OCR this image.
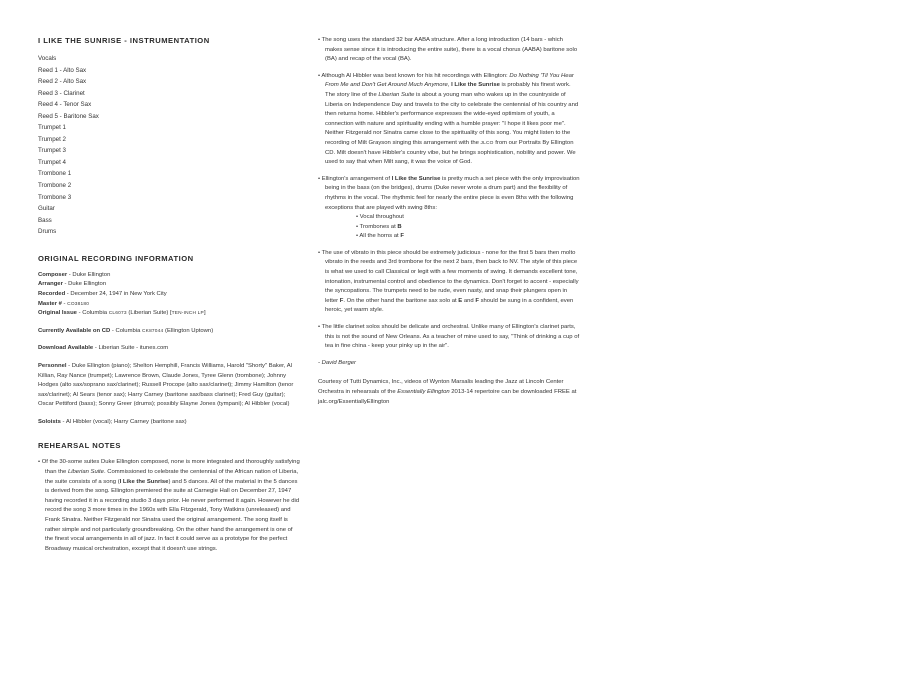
I LIKE THE SUNRISE - INSTRUMENTATION
Vocals
Reed 1 - Alto Sax
Reed 2 - Alto Sax
Reed 3 - Clarinet
Reed 4 - Tenor Sax
Reed 5 - Baritone Sax
Trumpet 1
Trumpet 2
Trumpet 3
Trumpet 4
Trombone 1
Trombone 2
Trombone 3
Guitar
Bass
Drums
ORIGINAL RECORDING INFORMATION
Composer - Duke Ellington
Arranger - Duke Ellington
Recorded - December 24, 1947 in New York City
Master # - CO38180
Original Issue - Columbia CL6073 (Liberian Suite) [TEN-INCH LP]

Currently Available on CD - Columbia CK87044 (Ellington Uptown)

Download Available - Liberian Suite - itunes.com

Personnel - Duke Ellington (piano); Shelton Hemphill, Francis Williams, Harold "Shorty" Baker, Al Killian, Ray Nance (trumpet); Lawrence Brown, Claude Jones, Tyree Glenn (trombone); Johnny Hodges (alto sax/soprano sax/clarinet); Russell Procope (alto sax/clarinet); Jimmy Hamilton (tenor sax/clarinet); Al Sears (tenor sax); Harry Carney (baritone sax/bass clarinet); Fred Guy (guitar); Oscar Pettiford (bass); Sonny Greer (drums); possibly Elayne Jones (tympani); Al Hibbler (vocal)

Soloists - Al Hibbler (vocal); Harry Carney (baritone sax)

REHEARSAL NOTES

• Of the 30-some suites Duke Ellington composed, none is more integrated and thoroughly satisfying than the Liberian Suite. Commissioned to celebrate the centennial of the African nation of Liberia, the suite consists of a song (I Like the Sunrise) and 5 dances. All of the material in the 5 dances is derived from the song. Ellington premiered the suite at Carnegie Hall on December 27, 1947 having recorded it in a recording studio 3 days prior. He never performed it again. However he did record the song 3 more times in the 1960s with Ella Fitzgerald, Tony Watkins (unreleased) and Frank Sinatra. Neither Fitzgerald nor Sinatra used the original arrangement. The song itself is rather simple and not particularly groundbreaking. On the other hand the arrangement is one of the finest vocal arrangements in all of jazz. In fact it could serve as a prototype for the perfect Broadway musical orchestration, except that it doesn't use strings.

• The song uses the standard 32 bar AABA structure. After a long introduction (14 bars - which makes sense since it is introducing the entire suite), there is a vocal chorus (AABA) baritone solo (BA) and recap of the vocal (BA).

• Although Al Hibbler was best known for his hit recordings with Ellington: Do Nothing 'Til You Hear From Me and Don't Get Around Much Anymore, I Like the Sunrise is probably his finest work. The story line of the Liberian Suite is about a young man who wakes up in the countryside of Liberia on Independence Day and travels to the city to celebrate the centennial of his country and then returns home. Hibbler's performance expresses the wide-eyed optimism of youth, a connection with nature and spirituality ending with a humble prayer: "I hope it likes poor me". Neither Fitzgerald nor Sinatra came close to the spirituality of this song. You might listen to the recording of Milt Grayson singing this arrangement with the JLCO from our Portraits By Ellington CD. Milt doesn't have Hibbler's country vibe, but he brings sophistication, nobility and power. We used to say that when Milt sang, it was the voice of God.

• Ellington's arrangement of I Like the Sunrise is pretty much a set piece with the only improvisation being in the bass (on the bridges), drums (Duke never wrote a drum part) and the flexibility of rhythms in the vocal. The rhythmic feel for nearly the entire piece is even 8ths with the following exceptions that are played with swing 8ths:

• Vocal throughout
• Trombones at B
• All the horns at F

• The use of vibrato in this piece should be extremely judicious - none for the first 5 bars then molto vibrato in the reeds and 3rd trombone for the next 2 bars, then back to NV. The style of this piece is what we used to call Classical or legit with a few moments of swing. It demands excellent tone, intonation, instrumental control and obedience to the dynamics. Don't forget to accent - especially the syncopations. The trumpets need to be rude, even nasty, and snap their plungers open in letter F. On the other hand the baritone sax solo at E and F should be sung in a confident, even heroic, yet warm style.

• The little clarinet solos should be delicate and orchestral. Unlike many of Ellington's clarinet parts, this is not the sound of New Orleans. As a teacher of mine used to say, "Think of drinking a cup of tea in fine china - keep your pinky up in the air".

- David Berger

Courtesy of Tutti Dynamics, Inc., videos of Wynton Marsalis leading the Jazz at Lincoln Center Orchestra in rehearsals of the Essentially Ellington 2013-14 repertoire can be downloaded FREE at jalc.org/EssentiallyEllington
